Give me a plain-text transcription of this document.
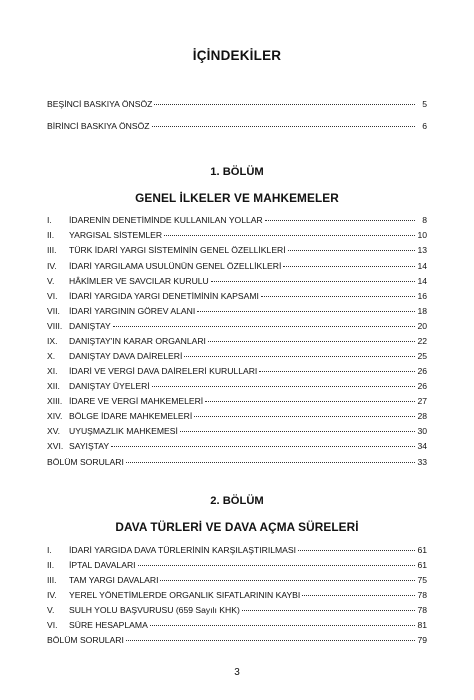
İÇİNDEKİLER
BEŞİNCİ BASKIYA ÖNSÖZ	5
BİRİNCİ BASKIYA ÖNSÖZ	6
1. BÖLÜM
GENEL İLKELER VE MAHKEMELER
I.	İDARENİN DENETİMİNDE KULLANILAN YOLLAR	8
II.	YARGISAL SİSTEMLER	10
III.	TÜRK İDARİ YARGI SİSTEMİNİN GENEL ÖZELLİKLERİ	13
IV.	İDARİ YARGILAMA USULÜNÜN GENEL ÖZELLİKLERİ	14
V.	HÂKİMLER VE SAVCILAR KURULU	14
VI.	İDARİ YARGIDA YARGI DENETİMİNİN KAPSAMI	16
VII.	İDARİ YARGININ GÖREV ALANI	18
VIII. DANIŞTAY	20
IX.	DANIŞTAY'IN KARAR ORGANLARI	22
X.	DANIŞTAY DAVA DAİRELERİ	25
XI.	İDARİ VE VERGİ DAVA DAİRELERİ KURULLARI	26
XII.	DANIŞTAY ÜYELERİ	26
XIII. İDARE VE VERGİ MAHKEMELERİ	27
XIV. BÖLGE İDARE MAHKEMELERİ	28
XV.	UYUŞMAZLIK MAHKEMESİ	30
XVI. SAYIŞTAY	34
BÖLÜM SORULARI	33
2. BÖLÜM
DAVA TÜRLERİ VE DAVA AÇMA SÜRELERİ
I.	İDARİ YARGIDA DAVA TÜRLERİNİN KARŞILAŞTIRILMASI	61
II.	İPTAL DAVALARI	61
III.	TAM YARGI DAVALARI	75
IV.	YEREL YÖNETİMLERDE ORGANLIK SIFATLARININ KAYBI	78
V.	SULH YOLU BAŞVURUSU (659 Sayılı KHK)	78
VI.	SÜRE HESAPLAMA	81
BÖLÜM SORULARI	79
3
